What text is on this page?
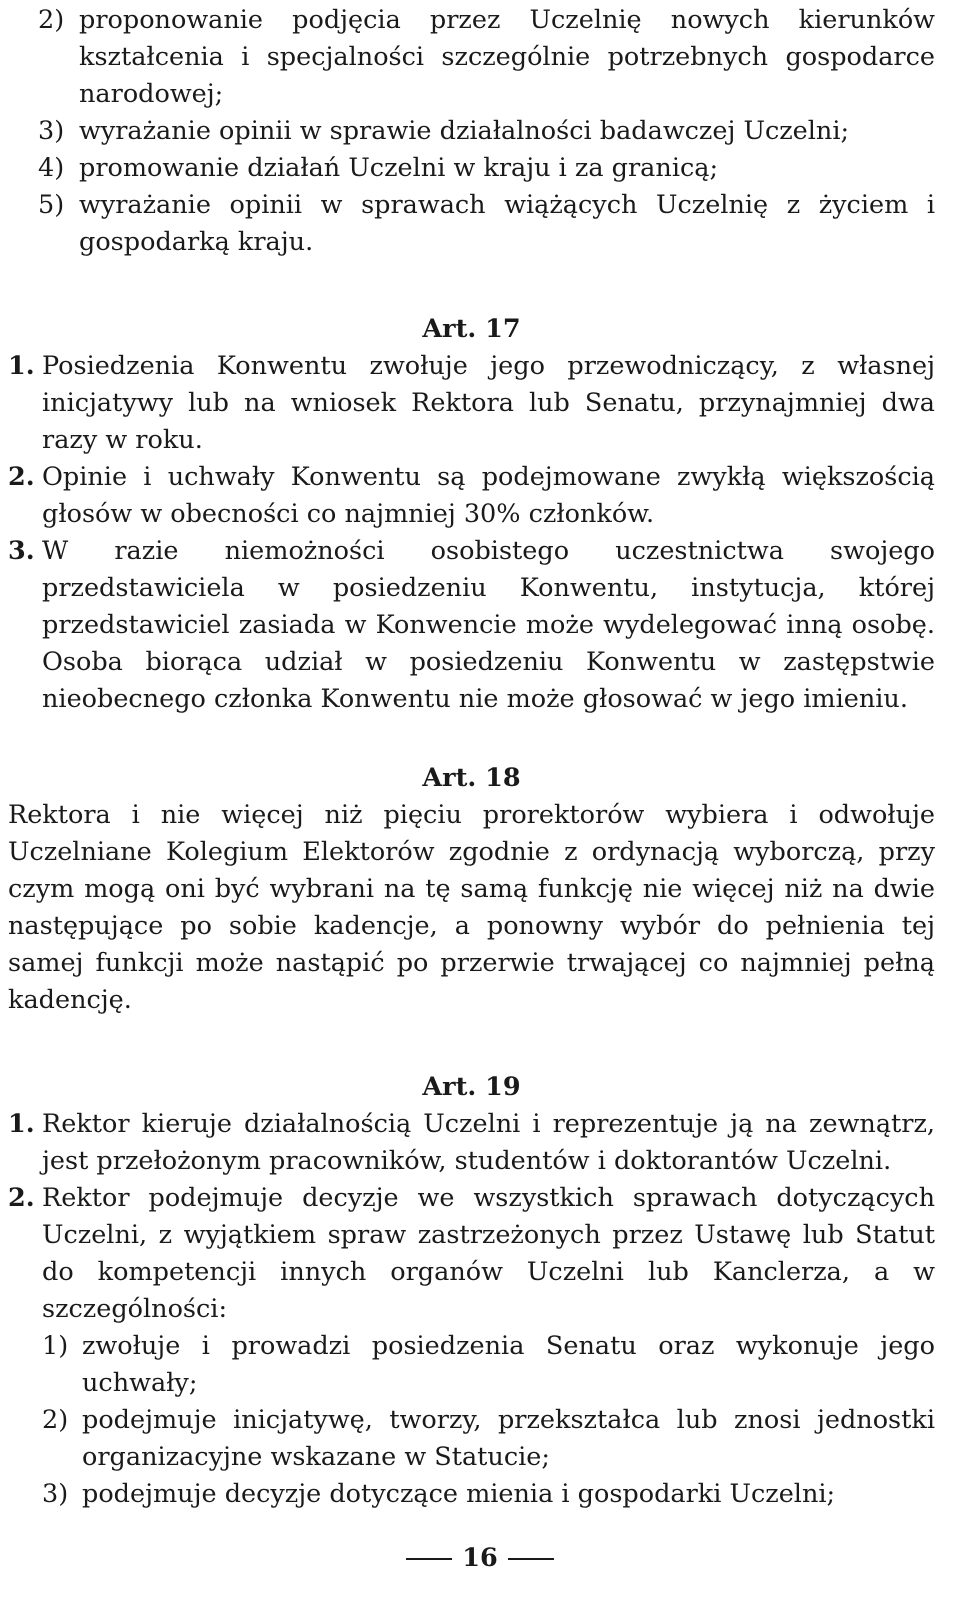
2) proponowanie podjęcia przez Uczelnię nowych kierunków kształcenia i specjalności szczególnie potrzebnych gospodarce narodowej;
3) wyrażanie opinii w sprawie działalności badawczej Uczelni;
4) promowanie działań Uczelni w kraju i za granicą;
5) wyrażanie opinii w sprawach wiążących Uczelnię z życiem i gospodarką kraju.

Art. 17

1. Posiedzenia Konwentu zwołuje jego przewodniczący, z własnej inicjatywy lub na wniosek Rektora lub Senatu, przynajmniej dwa razy w roku.
2. Opinie i uchwały Konwentu są podejmowane zwykłą większością głosów w obecności co najmniej 30% członków.
3. W razie niemożności osobistego uczestnictwa swojego przedstawiciela w posiedzeniu Konwentu, instytucja, której przedstawiciel zasiada w Konwencie może wydelegować inną osobę. Osoba biorąca udział w posiedzeniu Konwentu w zastępstwie nieobecnego członka Konwentu nie może głosować w jego imieniu.

Art. 18

Rektora i nie więcej niż pięciu prorektorów wybiera i odwołuje Uczelniane Kolegium Elektorów zgodnie z ordynacją wyborczą, przy czym mogą oni być wybrani na tę samą funkcję nie więcej niż na dwie następujące po sobie kadencje, a ponowny wybór do pełnienia tej samej funkcji może nastąpić po przerwie trwającej co najmniej pełną kadencję.

Art. 19

1. Rektor kieruje działalnością Uczelni i reprezentuje ją na zewnątrz, jest przełożonym pracowników, studentów i doktorantów Uczelni.
2. Rektor podejmuje decyzje we wszystkich sprawach dotyczących Uczelni, z wyjątkiem spraw zastrzeżonych przez Ustawę lub Statut do kompetencji innych organów Uczelni lub Kanclerza, a w szczególności:
1) zwołuje i prowadzi posiedzenia Senatu oraz wykonuje jego uchwały;
2) podejmuje inicjatywę, tworzy, przekształca lub znosi jednostki organizacyjne wskazane w Statucie;
3) podejmuje decyzje dotyczące mienia i gospodarki Uczelni;
16
